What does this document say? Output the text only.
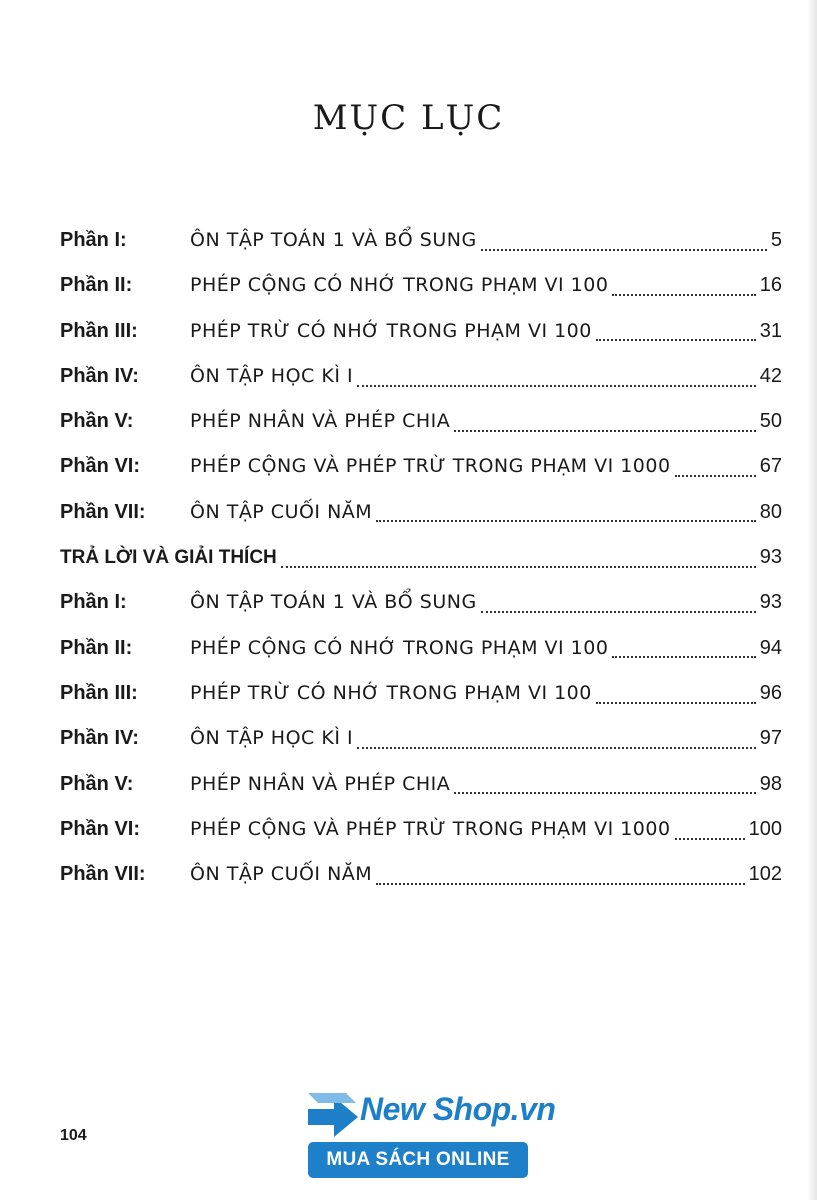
MỤC LỤC
Phần I:	ÔN TẬP TOÁN 1 VÀ BỔ SUNG	5
Phần II:	PHÉP CỘNG CÓ NHỚ TRONG PHẠM VI 100	16
Phần III:	PHÉP TRỪ CÓ NHỚ TRONG PHẠM VI 100	31
Phần IV:	ÔN TẬP HỌC KÌ I	42
Phần V:	PHÉP NHÂN VÀ PHÉP CHIA	50
Phần VI:	PHÉP CỘNG VÀ PHÉP TRỪ TRONG PHẠM VI 1000	67
Phần VII:	ÔN TẬP CUỐI NĂM	80
TRẢ LỜI VÀ GIẢI THÍCH	93
Phần I:	ÔN TẬP TOÁN 1 VÀ BỔ SUNG	93
Phần II:	PHÉP CỘNG CÓ NHỚ TRONG PHẠM VI 100	94
Phần III:	PHÉP TRỪ CÓ NHỚ TRONG PHẠM VI 100	96
Phần IV:	ÔN TẬP HỌC KÌ I	97
Phần V:	PHÉP NHÂN VÀ PHÉP CHIA	98
Phần VI:	PHÉP CỘNG VÀ PHÉP TRỪ TRONG PHẠM VI 1000	100
Phần VII:	ÔN TẬP CUỐI NĂM	102
104
New Shop.vn
MUA SÁCH ONLINE
